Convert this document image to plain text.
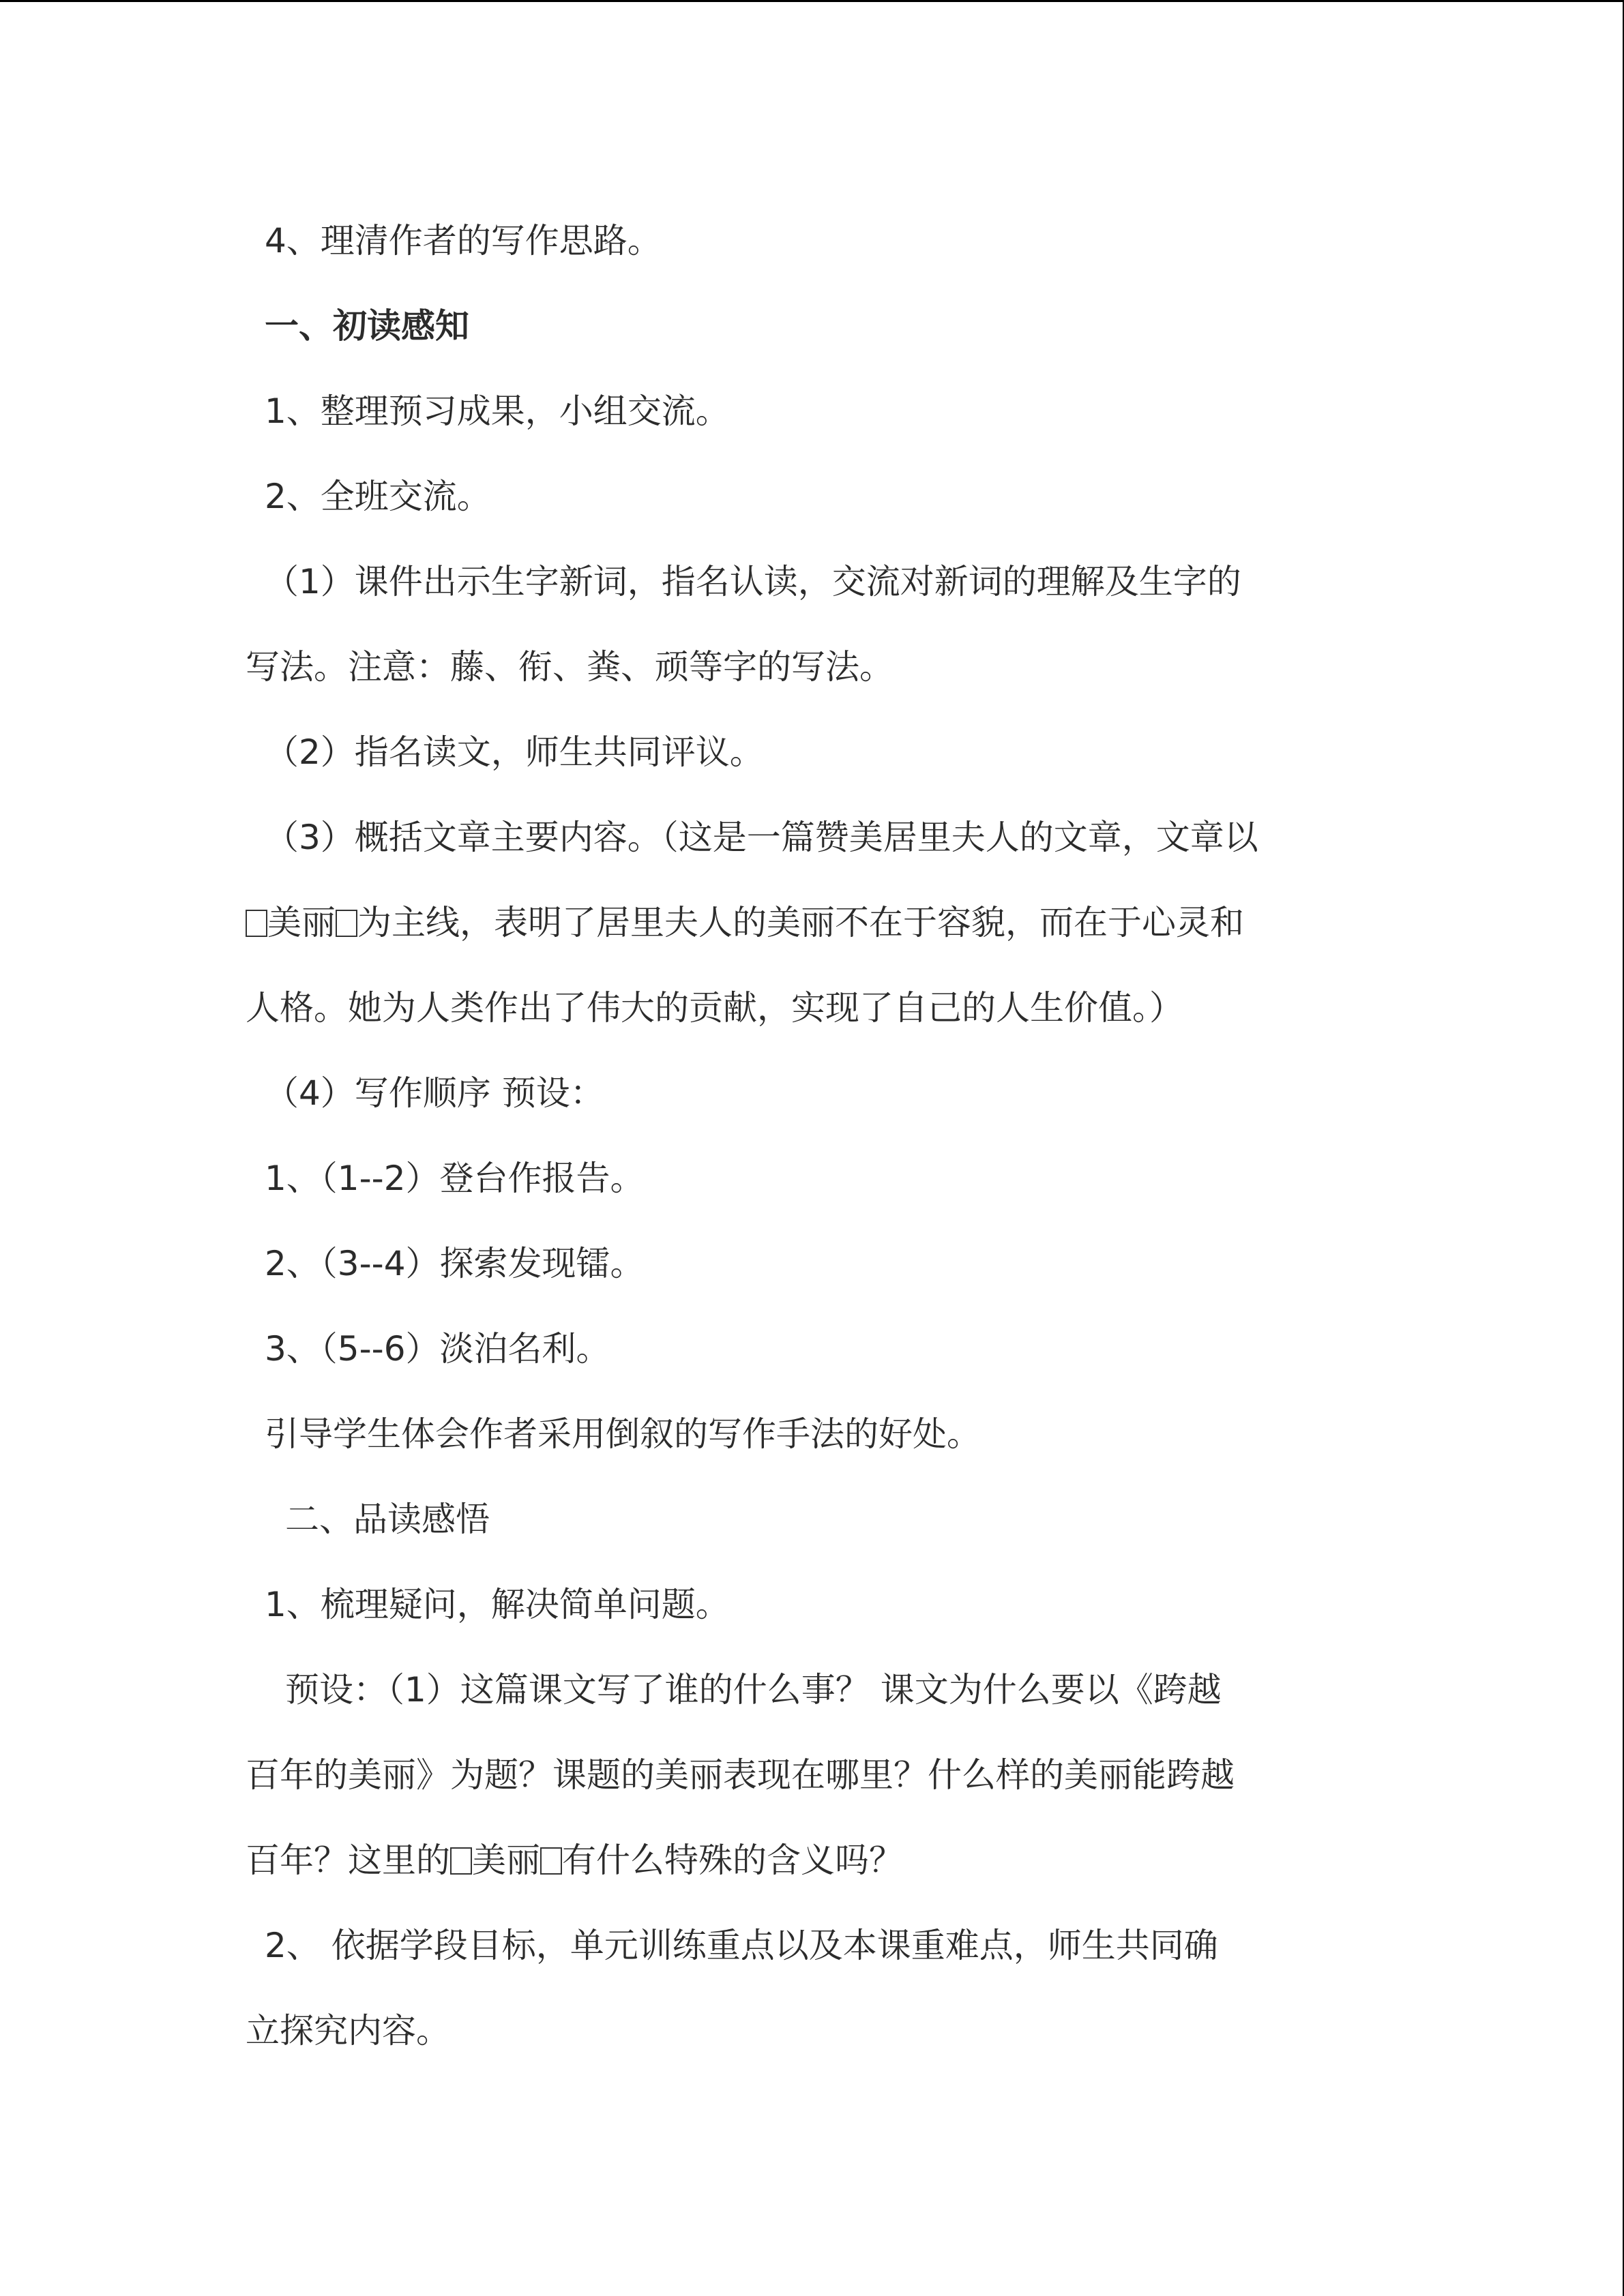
4、理清作者的写作思路。

一、初读感知

1、整理预习成果，小组交流。

2、全班交流。

（1）课件出示生字新词，指名认读，交流对新词的理解及生字的

写法。注意：藤、衔、粪、顽等字的写法。

（2）指名读文，师生共同评议。

（3）概括文章主要内容。（这是一篇赞美居里夫人的文章，文章以

美丽 为主线，表明了居里夫人的美丽不在于容貌，而在于心灵和

人格。她为人类作出了伟大的贡献，实现了自己的人生价值。）

（4）写作顺序 预设：

1、（1--2）登台作报告。

2、（3--4）探索发现镭。

3、（5--6）淡泊名利。

引导学生体会作者采用倒叙的写作手法的好处。

二、品读感悟

1、梳理疑问，解决简单问题。

预设：（1）这篇课文写了谁的什么事？ 课文为什么要以《跨越

百年的美丽》为题？课题的美丽表现在哪里？什么样的美丽能跨越

百年？这里的 美丽 有什么特殊的含义吗？

2、 依据学段目标，单元训练重点以及本课重难点，师生共同确

立探究内容。
